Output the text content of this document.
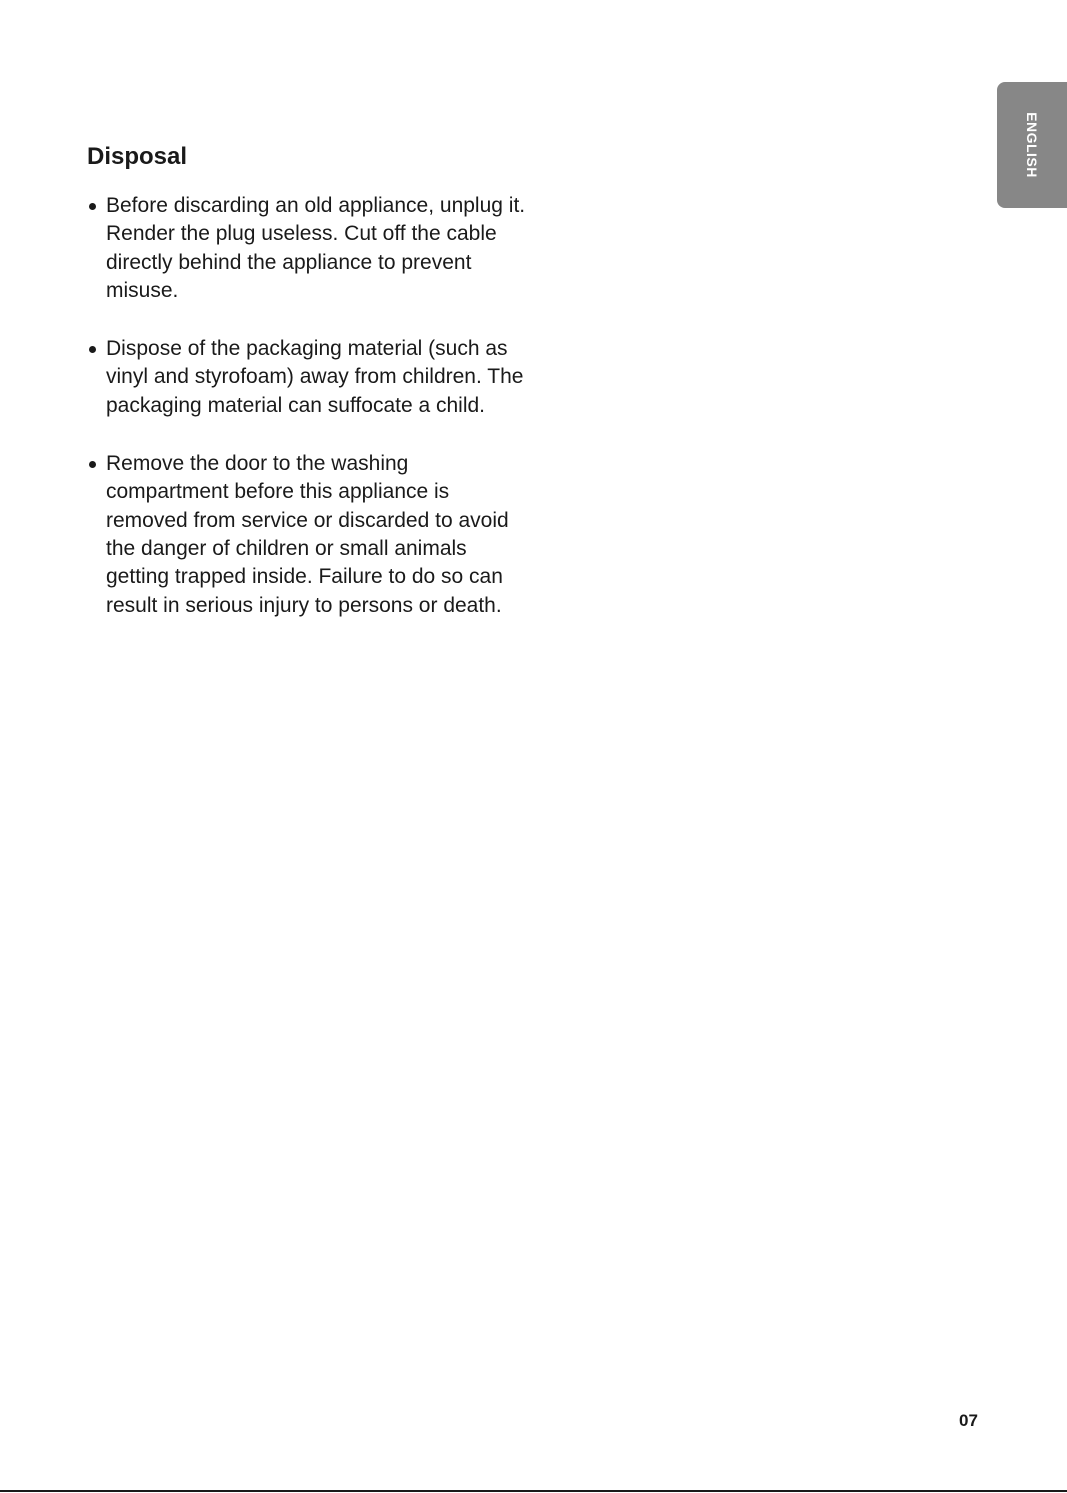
Disposal
Before discarding an old appliance, unplug it. Render the plug useless. Cut off the cable directly behind the appliance to prevent misuse.
Dispose of the packaging material (such as vinyl and styrofoam) away from children. The packaging material can suffocate a child.
Remove the door to the washing compartment before this appliance is removed from service or discarded to avoid the danger of children or small animals getting trapped inside. Failure to do so can result in serious injury to persons or death.
ENGLISH
07
